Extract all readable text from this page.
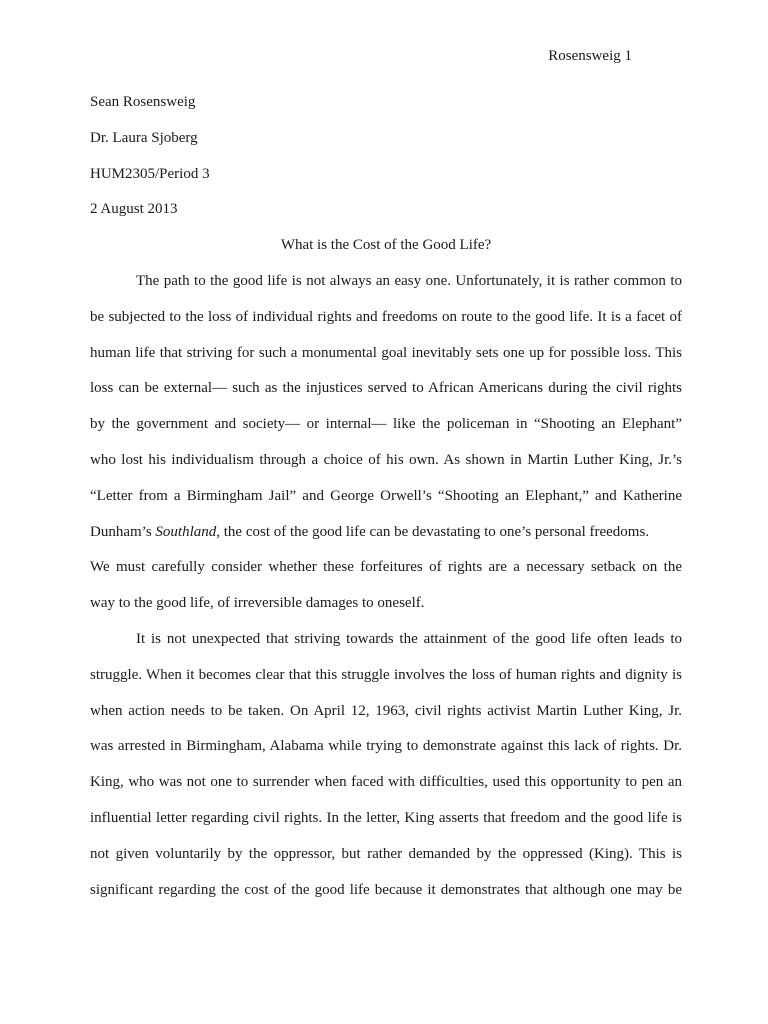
Rosensweig 1
Sean Rosensweig
Dr. Laura Sjoberg
HUM2305/Period 3
2 August 2013
What is the Cost of the Good Life?
The path to the good life is not always an easy one. Unfortunately, it is rather common to
be subjected to the loss of individual rights and freedoms on route to the good life. It is a facet of
human life that striving for such a monumental goal inevitably sets one up for possible loss. This
loss can be external— such as the injustices served to African Americans during the civil rights
by the government and society— or internal— like the policeman in “Shooting an Elephant”
who lost his individualism through a choice of his own. As shown in Martin Luther King, Jr.’s
“Letter from a Birmingham Jail” and George Orwell’s “Shooting an Elephant,” and Katherine
Dunham’s Southland, the cost of the good life can be devastating to one’s personal freedoms.
We must carefully consider whether these forfeitures of rights are a necessary setback on the
way to the good life, of irreversible damages to oneself.
It is not unexpected that striving towards the attainment of the good life often leads to
struggle. When it becomes clear that this struggle involves the loss of human rights and dignity is
when action needs to be taken. On April 12, 1963, civil rights activist Martin Luther King, Jr.
was arrested in Birmingham, Alabama while trying to demonstrate against this lack of rights. Dr.
King, who was not one to surrender when faced with difficulties, used this opportunity to pen an
influential letter regarding civil rights. In the letter, King asserts that freedom and the good life is
not given voluntarily by the oppressor, but rather demanded by the oppressed (King). This is
significant regarding the cost of the good life because it demonstrates that although one may be
